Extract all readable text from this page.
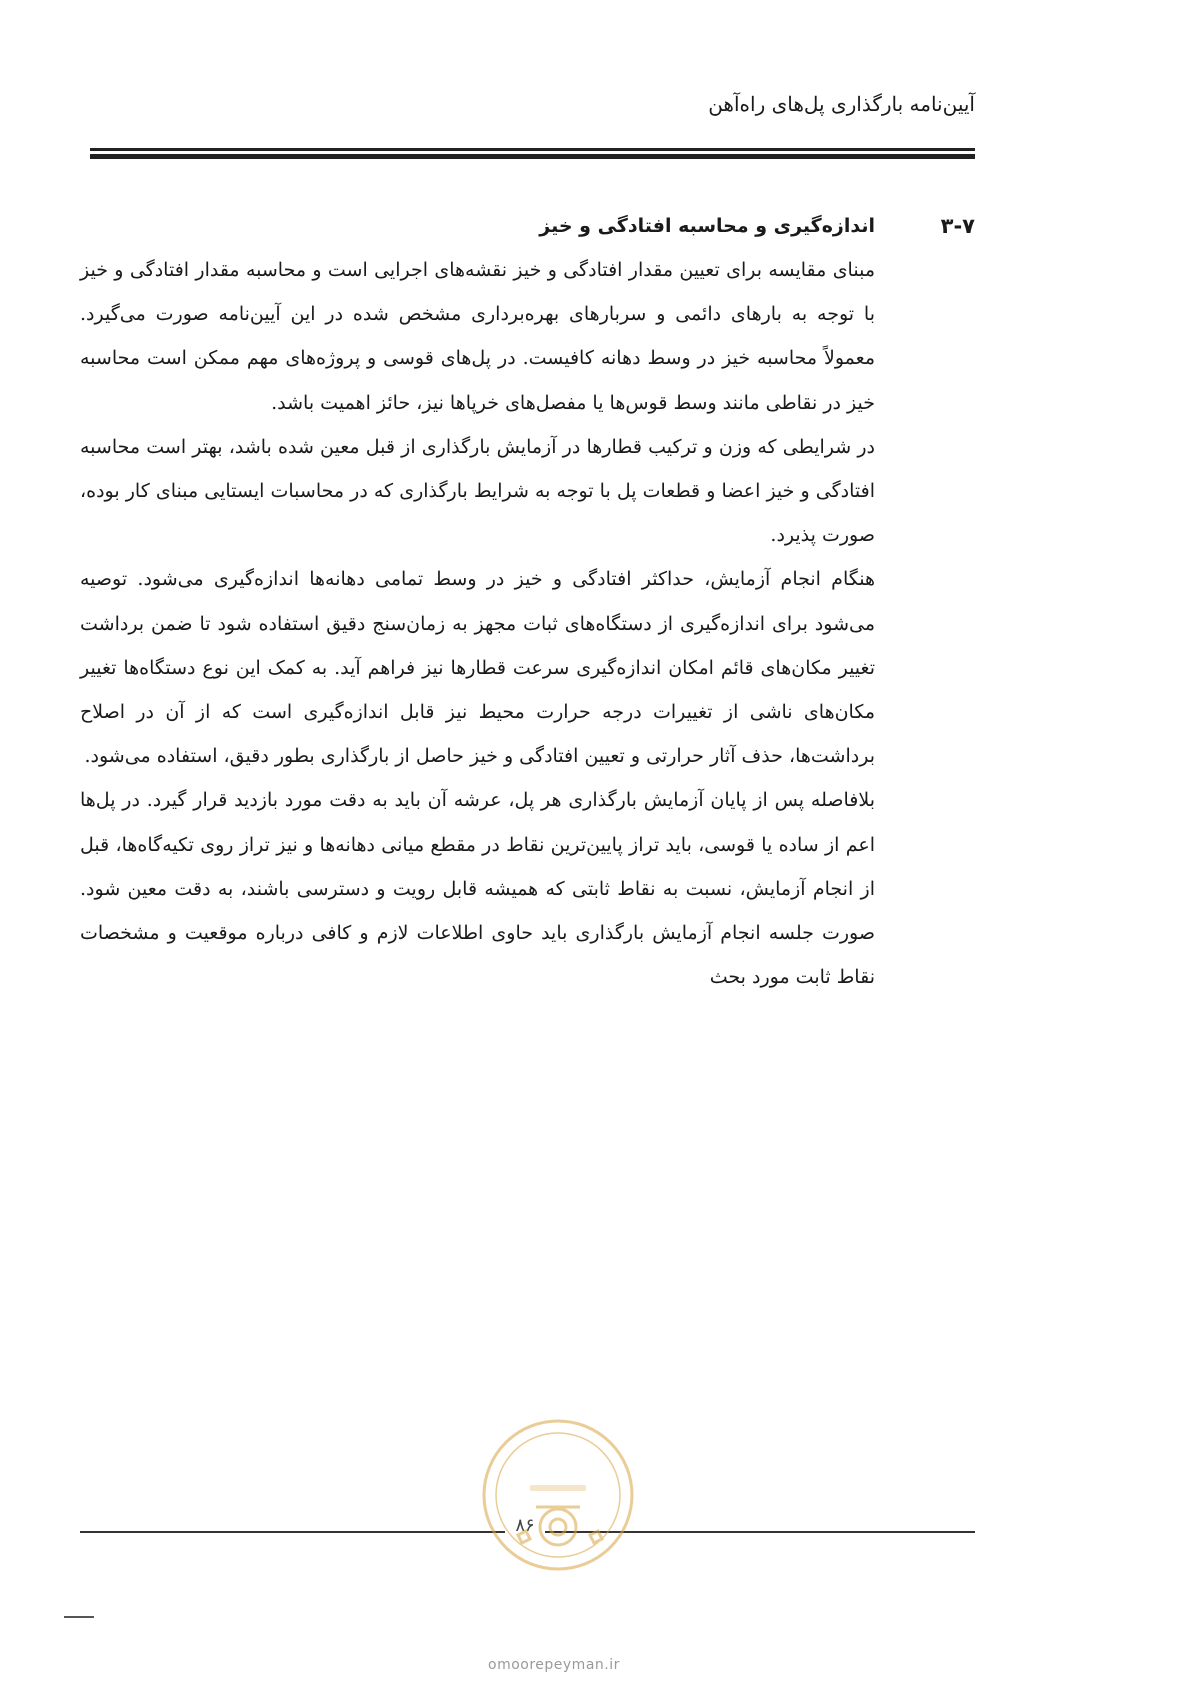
آیین‌نامه بارگذاری پل‌های راه‌آهن
۳-۷
اندازه‌گیری و محاسبه افتادگی و خیز

مبنای مقایسه برای تعیین مقدار افتادگی و خیز نقشه‌های اجرایی است و محاسبه مقدار افتادگی و خیز با توجه به بارهای دائمی و سربارهای بهره‌برداری مشخص شده در این آیین‌نامه صورت می‌گیرد. معمولاً محاسبه خیز در وسط دهانه کافیست. در پل‌های قوسی و پروژه‌های مهم ممکن است محاسبه خیز در نقاطی مانند وسط قوس‌ها یا مفصل‌های خرپاها نیز، حائز اهمیت باشد.

در شرایطی که وزن و ترکیب قطارها در آزمایش بارگذاری از قبل معین شده باشد، بهتر است محاسبه افتادگی و خیز اعضا و قطعات پل با توجه به شرایط بارگذاری که در محاسبات ایستایی مبنای کار بوده، صورت پذیرد.

هنگام انجام آزمایش، حداکثر افتادگی و خیز در وسط تمامی دهانه‌ها اندازه‌گیری می‌شود. توصیه می‌شود برای اندازه‌گیری از دستگاه‌های ثبات مجهز به زمان‌سنج دقیق استفاده شود تا ضمن برداشت تغییر مکان‌های قائم امکان اندازه‌گیری سرعت قطارها نیز فراهم آید. به کمک این نوع دستگاه‌ها تغییر مکان‌های ناشی از تغییرات درجه حرارت محیط نیز قابل اندازه‌گیری است که از آن در اصلاح برداشت‌ها، حذف آثار حرارتی و تعیین افتادگی و خیز حاصل از بارگذاری بطور دقیق، استفاده می‌شود.

بلافاصله پس از پایان آزمایش بارگذاری هر پل، عرشه آن باید به دقت مورد بازدید قرار گیرد. در پل‌ها اعم از ساده یا قوسی، باید تراز پایین‌ترین نقاط در مقطع میانی دهانه‌ها و نیز تراز روی تکیه‌گاه‌ها، قبل از انجام آزمایش، نسبت به نقاط ثابتی که همیشه قابل رویت و دسترسی باشند، به دقت معین شود. صورت جلسه انجام آزمایش بارگذاری باید حاوی اطلاعات لازم و کافی درباره موقعیت و مشخصات نقاط ثابت مورد بحث

۸۶
omoorepeyman.ir
